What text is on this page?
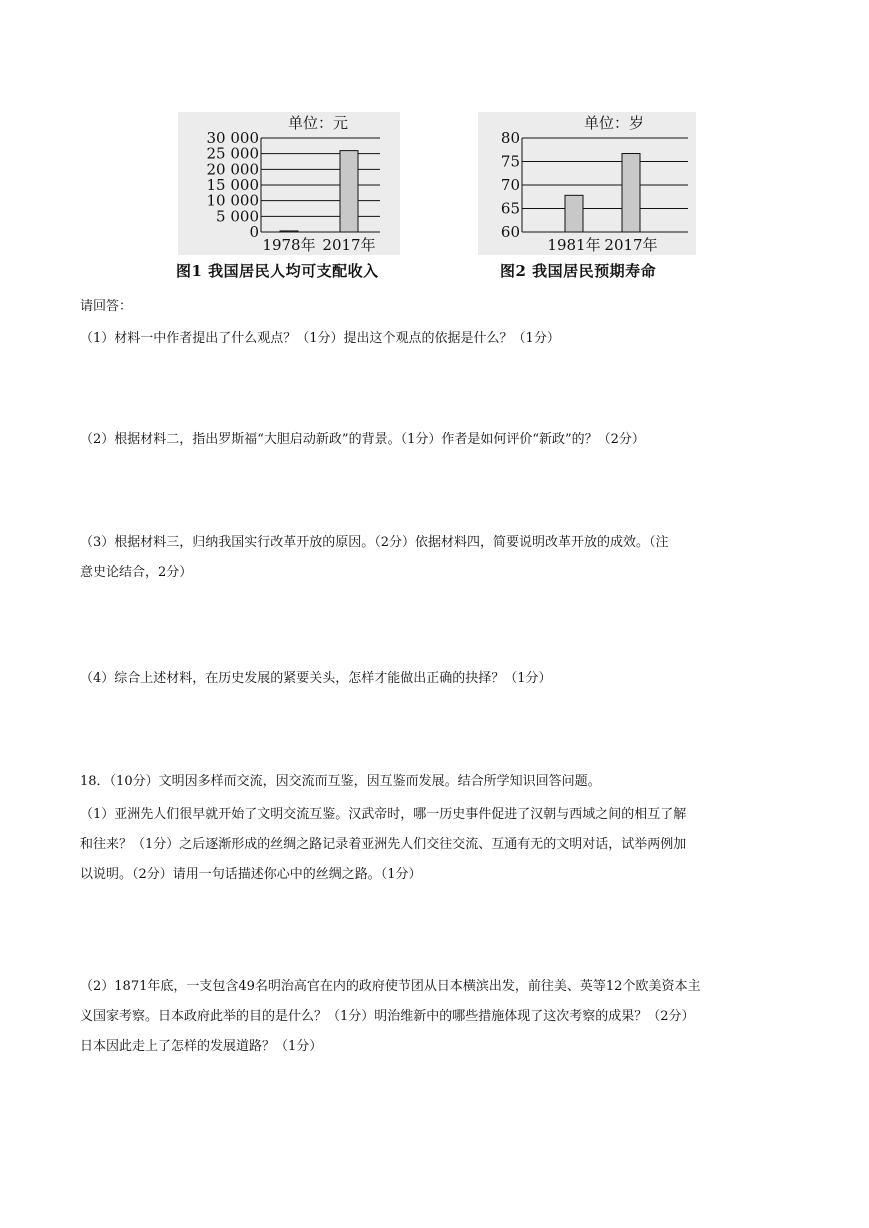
单位：元
30 000
25 000
20 000
15 000
10 000
5 000
0
1978年 2017年
单位：岁
80
75
70
65
60
1981年 2017年
图1 我国居民人均可支配收入	图2 我国居民预期寿命
请回答：
（1）材料一中作者提出了什么观点？（1分）提出这个观点的依据是什么？（1分）
（2）根据材料二，指出罗斯福“大胆启动新政”的背景。（1分）作者是如何评价“新政”的？（2分）
（3）根据材料三，归纳我国实行改革开放的原因。（2分）依据材料四，简要说明改革开放的成效。（注
意史论结合，2分）
（4）综合上述材料，在历史发展的紧要关头，怎样才能做出正确的抉择？（1分）
18．（10分）文明因多样而交流，因交流而互鉴，因互鉴而发展。结合所学知识回答问题。
（1）亚洲先人们很早就开始了文明交流互鉴。汉武帝时，哪一历史事件促进了汉朝与西域之间的相互了解
和往来？（1分）之后逐渐形成的丝绸之路记录着亚洲先人们交往交流、互通有无的文明对话，试举两例加
以说明。（2分）请用一句话描述你心中的丝绸之路。（1分）
（2）1871年底，一支包含49名明治高官在内的政府使节团从日本横滨出发，前往美、英等12个欧美资本主
义国家考察。日本政府此举的目的是什么？（1分）明治维新中的哪些措施体现了这次考察的成果？（2分）
日本因此走上了怎样的发展道路？（1分）
